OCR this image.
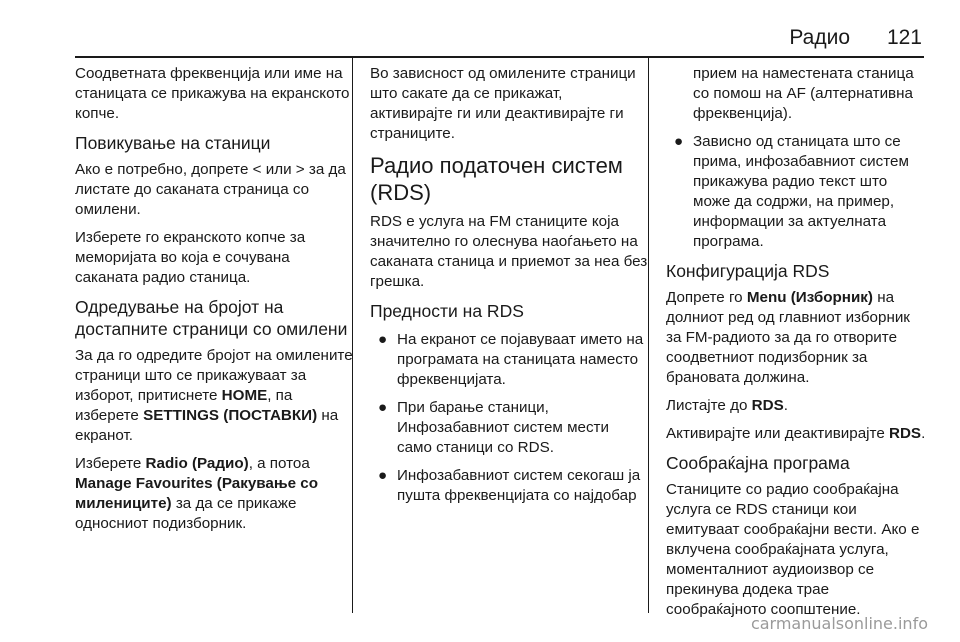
Радио	121

Соодветната фреквенција или име на станицата се прикажува на екранското копче.

Повикување на станици

Ако е потребно, допрете < или > за да листате до саканата страница со омилени.

Изберете го екранското копче за меморијата во која е сочувана саканата радио станица.

Одредување на бројот на достапните страници со омилени

За да го одредите бројот на омилените страници што се прикажуваат за изборот, притиснете HOME, па изберете SETTINGS (ПОСТАВКИ) на екранот.

Изберете Radio (Радио), а потоа Manage Favourites (Ракување со милениците) за да се прикаже односниот подизборник.

Во зависност од омилените страници што сакате да се прикажат, активирајте ги или деактивирајте ги страниците.

Радио податочен систем (RDS)

RDS е услуга на FM станиците која значително го олеснува наоѓањето на саканата станица и приемот за неа без грешка.

Предности на RDS
● На екранот се појавуваат името на програмата на станицата наместо фреквенцијата.
● При барање станици, Инфозабавниот систем мести само станици со RDS.
● Инфозабавниот систем секогаш ја пушта фреквенцијата со најдобар
прием на наместената станица со помош на AF (алтернативна фреквенција).
● Зависно од станицата што се прима, инфозабавниот систем прикажува радио текст што може да содржи, на пример, информации за актуелната програма.
Конфигурација RDS

Допрете го Menu (Изборник) на долниот ред од главниот изборник за FM-радиото за да го отворите соодветниот подизборник за брановата должина.

Листајте до RDS.

Активирајте или деактивирајте RDS.

Сообраќајна програма

Станиците со радио сообраќајна услуга се RDS станици кои емитуваат сообраќајни вести. Ако е вклучена сообраќајната услуга, моменталниот аудиоизвор се прекинува додека трае сообраќајното соопштение.

carmanualsonline.info
